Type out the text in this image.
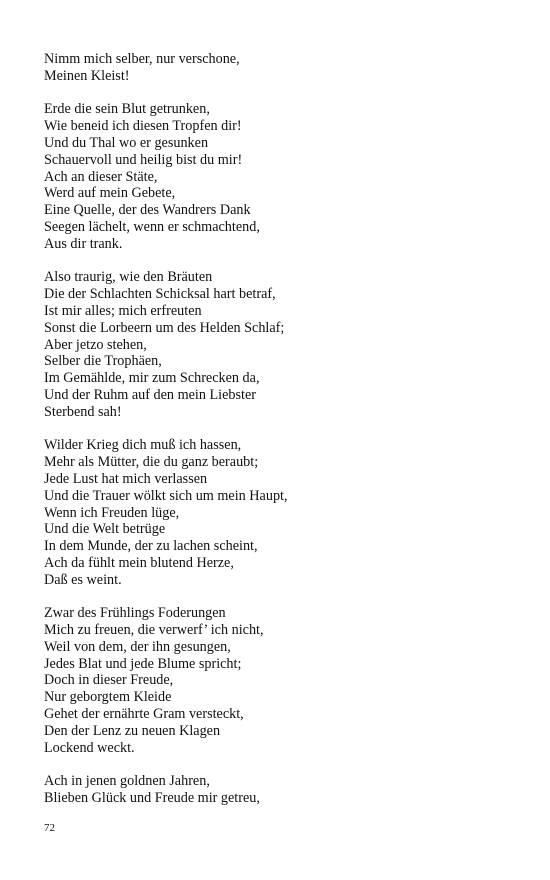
Nimm mich selber, nur verschone,
Meinen Kleist!
Erde die sein Blut getrunken,
Wie beneid ich diesen Tropfen dir!
Und du Thal wo er gesunken
Schauervoll und heilig bist du mir!
Ach an dieser Stäte,
Werd auf mein Gebete,
Eine Quelle, der des Wandrers Dank
Seegen lächelt, wenn er schmachtend,
Aus dir trank.
Also traurig, wie den Bräuten
Die der Schlachten Schicksal hart betraf,
Ist mir alles; mich erfreuten
Sonst die Lorbeern um des Helden Schlaf;
Aber jetzo stehen,
Selber die Trophäen,
Im Gemählde, mir zum Schrecken da,
Und der Ruhm auf den mein Liebster
Sterbend sah!
Wilder Krieg dich muß ich hassen,
Mehr als Mütter, die du ganz beraubt;
Jede Lust hat mich verlassen
Und die Trauer wölkt sich um mein Haupt,
Wenn ich Freuden lüge,
Und die Welt betrüge
In dem Munde, der zu lachen scheint,
Ach da fühlt mein blutend Herze,
Daß es weint.
Zwar des Frühlings Foderungen
Mich zu freuen, die verwerf’ ich nicht,
Weil von dem, der ihn gesungen,
Jedes Blat und jede Blume spricht;
Doch in dieser Freude,
Nur geborgtem Kleide
Gehet der ernährte Gram versteckt,
Den der Lenz zu neuen Klagen
Lockend weckt.
Ach in jenen goldnen Jahren,
Blieben Glück und Freude mir getreu,
72
